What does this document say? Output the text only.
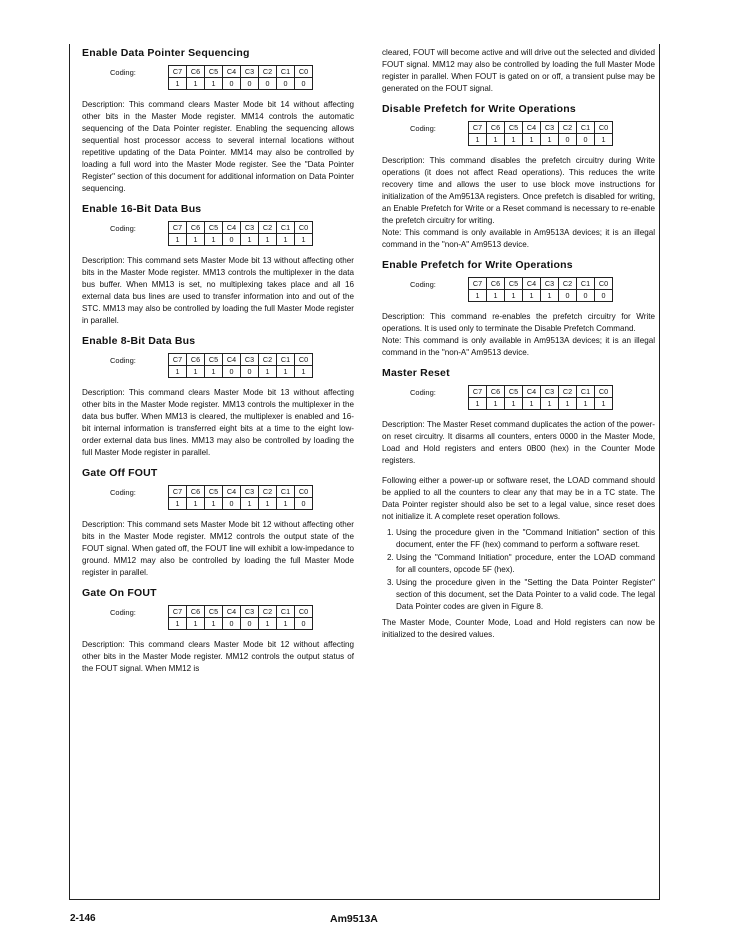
Enable Data Pointer Sequencing
Coding:	C7	C6	C5	C4	C3	C2	C1	C0
1	1	1	0	0	0	0	0

Description: This command clears Master Mode bit 14 without affecting other bits in the Master Mode register. MM14 controls the automatic sequencing of the Data Pointer register. Enabling the sequencing allows sequential host processor access to several internal locations without repetitive updating of the Data Pointer. MM14 may also be controlled by loading a full word into the Master Mode register. See the "Data Pointer Register" section of this document for additional information on Data Pointer sequencing.

Enable 16-Bit Data Bus
Coding:	C7	C6	C5	C4	C3	C2	C1	C0
1	1	1	0	1	1	1	1

Description: This command sets Master Mode bit 13 without affecting other bits in the Master Mode register. MM13 controls the multiplexer in the data bus buffer. When MM13 is set, no multiplexing takes place and all 16 external data bus lines are used to transfer information into and out of the STC. MM13 may also be controlled by loading the full Master Mode register in parallel.

Enable 8-Bit Data Bus
Coding:	C7	C6	C5	C4	C3	C2	C1	C0
1	1	1	0	0	1	1	1

Description: This command clears Master Mode bit 13 without affecting other bits in the Master Mode register. MM13 controls the multiplexer in the data bus buffer. When MM13 is cleared, the multiplexer is enabled and 16-bit internal information is transferred eight bits at a time to the eight low-order external data bus lines. MM13 may also be controlled by loading the full Master Mode register in parallel.

Gate Off FOUT
Coding:	C7	C6	C5	C4	C3	C2	C1	C0
1	1	1	0	1	1	1	0

Description: This command sets Master Mode bit 12 without affecting other bits in the Master Mode register. MM12 controls the output state of the FOUT signal. When gated off, the FOUT line will exhibit a low-impedance to ground. MM12 may also be controlled by loading the full Master Mode register in parallel.

Gate On FOUT
Coding:	C7	C6	C5	C4	C3	C2	C1	C0
1	1	1	0	0	1	1	0

Description: This command clears Master Mode bit 12 without affecting other bits in the Master Mode register. MM12 controls the output status of the FOUT signal. When MM12 is

cleared, FOUT will become active and will drive out the selected and divided FOUT signal. MM12 may also be controlled by loading the full Master Mode register in parallel. When FOUT is gated on or off, a transient pulse may be generated on the FOUT signal.

Disable Prefetch for Write Operations
Coding:	C7	C6	C5	C4	C3	C2	C1	C0
1	1	1	1	1	0	0	1

Description: This command disables the prefetch circuitry during Write operations (it does not affect Read operations). This reduces the write recovery time and allows the user to use block move instructions for initialization of the Am9513A registers. Once prefetch is disabled for writing, an Enable Prefetch for Write or a Reset command is necessary to re-enable the prefetch circuitry for writing.

Note: This command is only available in Am9513A devices; it is an illegal command in the "non-A" Am9513 device.

Enable Prefetch for Write Operations
Coding:	C7	C6	C5	C4	C3	C2	C1	C0
1	1	1	1	1	0	0	0

Description: This command re-enables the prefetch circuitry for Write operations. It is used only to terminate the Disable Prefetch Command.

Note: This command is only available in Am9513A devices; it is an illegal command in the "non-A" Am9513 device.

Master Reset
Coding:	C7	C6	C5	C4	C3	C2	C1	C0
1	1	1	1	1	1	1	1

Description: The Master Reset command duplicates the action of the power-on reset circuitry. It disarms all counters, enters 0000 in the Master Mode, Load and Hold registers and enters 0B00 (hex) in the Counter Mode registers.

Following either a power-up or software reset, the LOAD command should be applied to all the counters to clear any that may be in a TC state. The Data Pointer register should also be set to a legal value, since reset does not initialize it. A complete reset operation follows.

1. Using the procedure given in the "Command Initiation" section of this document, enter the FF (hex) command to perform a software reset.
2. Using the "Command Initiation" procedure, enter the LOAD command for all counters, opcode 5F (hex).
3. Using the procedure given in the "Setting the Data Pointer Register" section of this document, set the Data Pointer to a valid code. The legal Data Pointer codes are given in Figure 8.

The Master Mode, Counter Mode, Load and Hold registers can now be initialized to the desired values.

2-146	Am9513A
